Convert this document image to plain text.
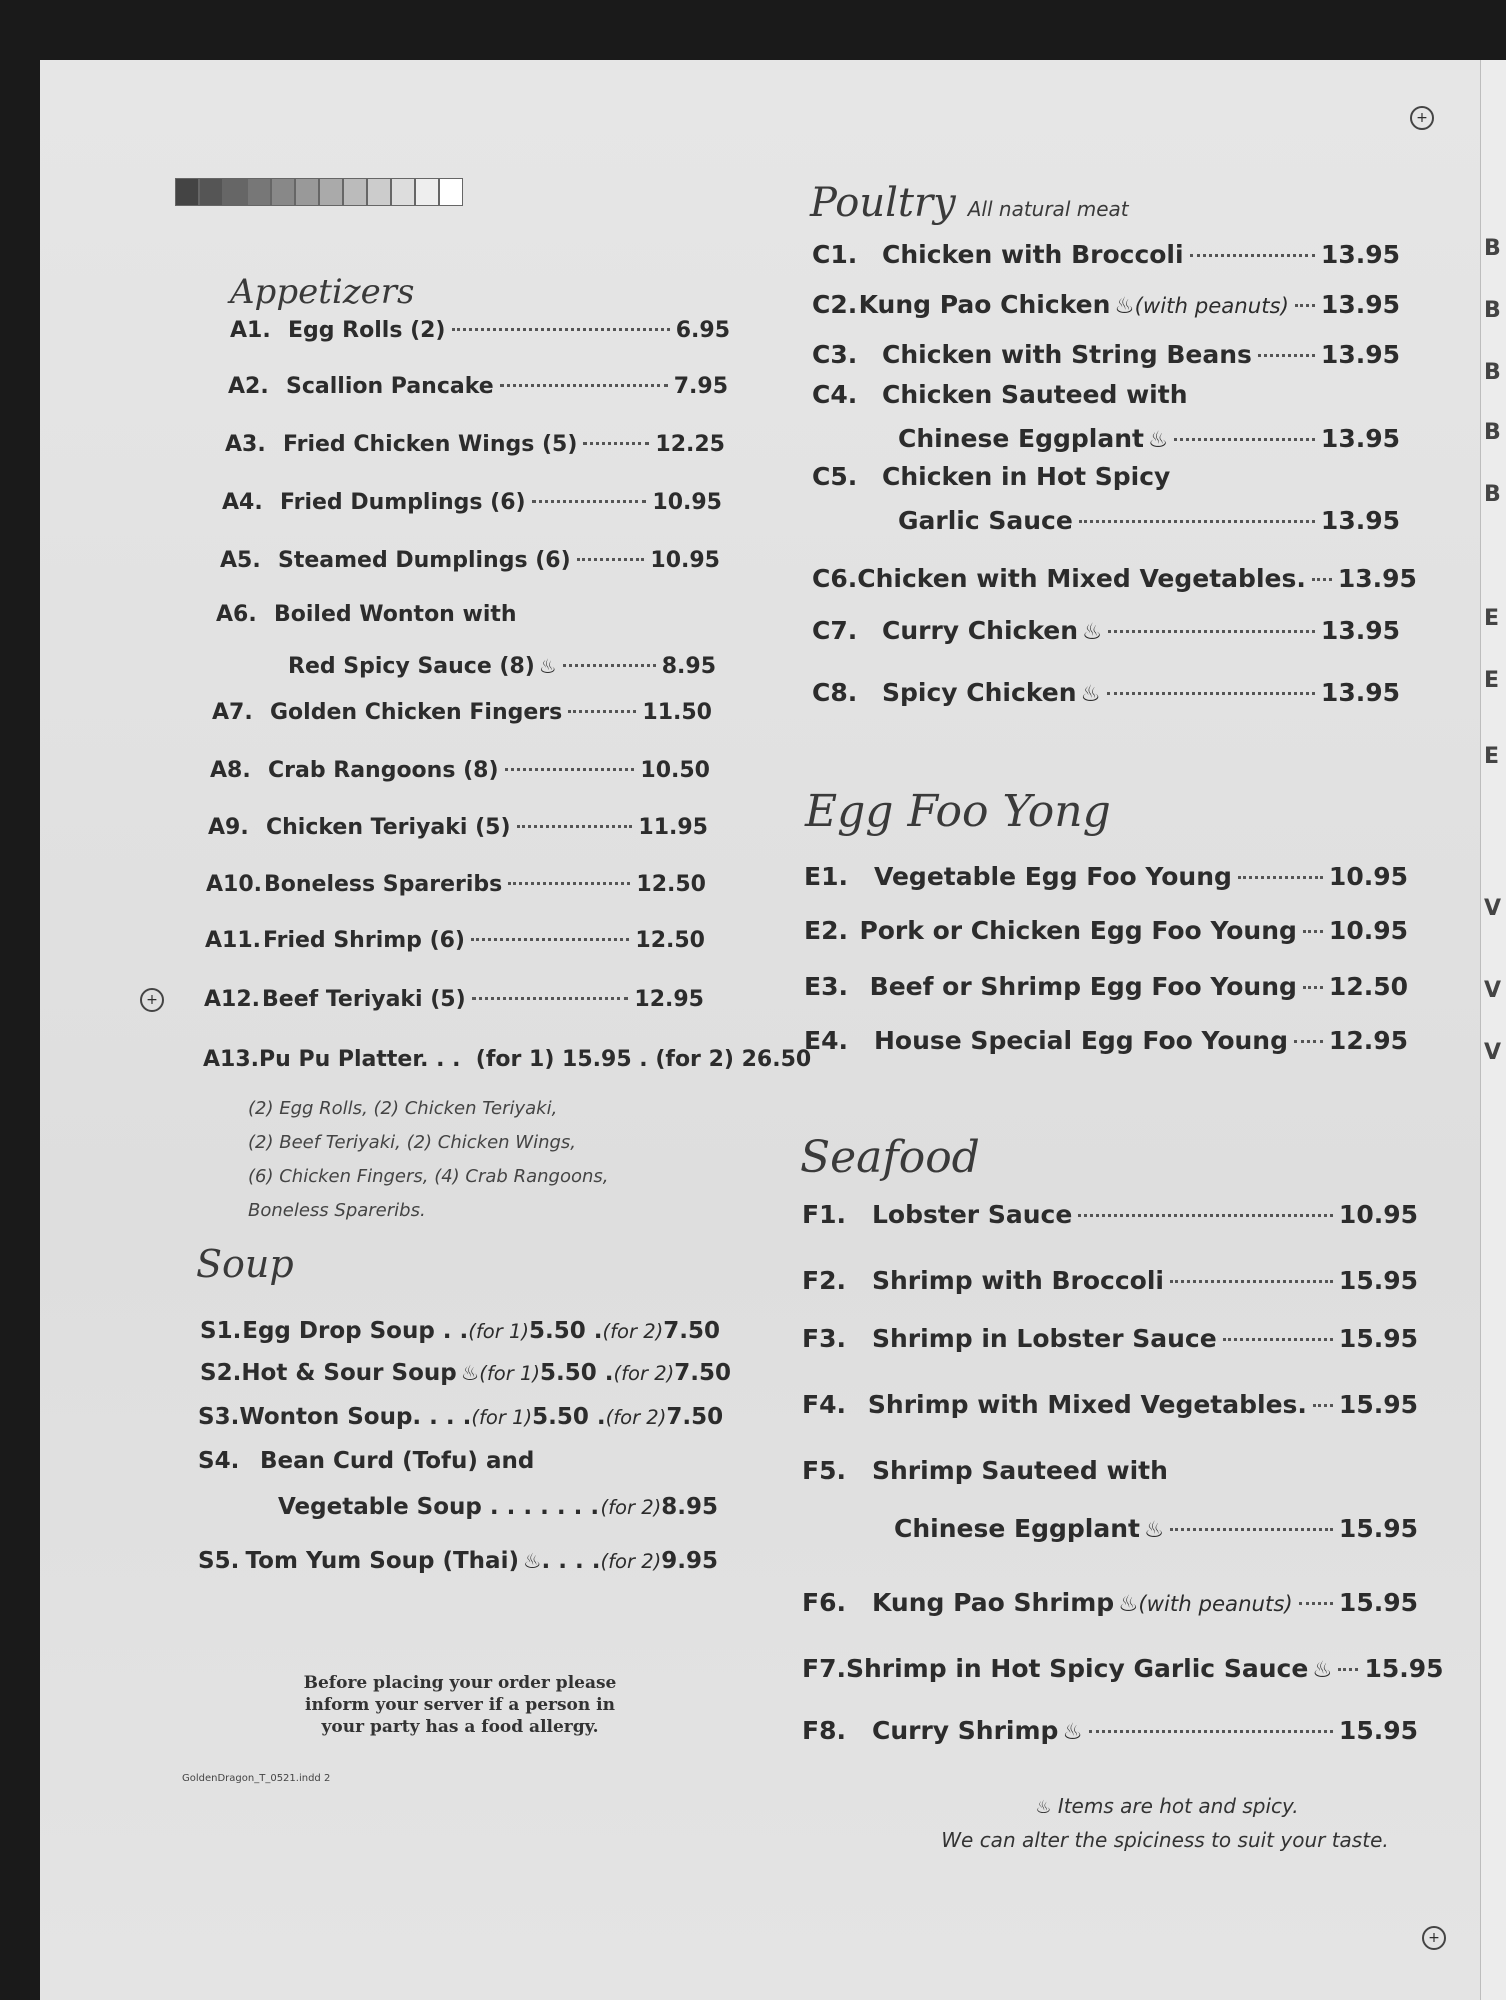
+
+
+
Appetizers
Soup
A1. Egg Rolls (2)	6.95
A2. Scallion Pancake	7.95
A3. Fried Chicken Wings (5)	12.25
A4. Fried Dumplings (6)	10.95
A5. Steamed Dumplings (6)	10.95
A6. Boiled Wonton with
Red Spicy Sauce (8) ♨	8.95
A7. Golden Chicken Fingers	11.50
A8. Crab Rangoons (8)	10.50
A9. Chicken Teriyaki (5)	11.95
A10. Boneless Spareribs	12.50
A11. Fried Shrimp (6)	12.50
A12. Beef Teriyaki (5)	12.95
A13. Pu Pu Platter. . . (for 1) 15.95 . (for 2) 26.50
S1. Egg Drop Soup . . (for 1) 5.50 . (for 2) 7.50
S2. Hot & Sour Soup ♨ (for 1) 5.50 . (for 2) 7.50
S3. Wonton Soup. . . . (for 1) 5.50 . (for 2) 7.50
S4. Bean Curd (Tofu) and
Vegetable Soup . . . . . . . (for 2) 8.95
S5. Tom Yum Soup (Thai) ♨ . . . . (for 2) 9.95
(2) Egg Rolls, (2) Chicken Teriyaki,
(2) Beef Teriyaki, (2) Chicken Wings,
(6) Chicken Fingers, (4) Crab Rangoons,
Boneless Spareribs.
Poultry All natural meat
Egg Foo Yong
Seafood
C1. Chicken with Broccoli	13.95
C2. Kung Pao Chicken ♨ (with peanuts) 13.95
C3. Chicken with String Beans	13.95
C4. Chicken Sauteed with
Chinese Eggplant ♨	13.95
C5. Chicken in Hot Spicy
Garlic Sauce	13.95
C6. Chicken with Mixed Vegetables. 13.95
C7. Curry Chicken ♨	13.95
C8. Spicy Chicken ♨	13.95
E1.	Vegetable Egg Foo Young	10.95
E2. Pork or Chicken Egg Foo Young 10.95
E3. Beef or Shrimp Egg Foo Young 12.50
E4.	House Special Egg Foo Young 12.95
F1.	Lobster Sauce	10.95
F2.	Shrimp with Broccoli	15.95
F3.	Shrimp in Lobster Sauce	15.95
F4. Shrimp with Mixed Vegetables. 15.95
F5.	Shrimp Sauteed with
Chinese Eggplant ♨	15.95
F6.	Kung Pao Shrimp ♨ (with peanuts) 15.95
F7. Shrimp in Hot Spicy Garlic Sauce ♨ 15.95
F8.	Curry Shrimp ♨	15.95
Before placing your order please inform your server if a person in your party has a food allergy.
GoldenDragon_T_0521.indd 2
♨ Items are hot and spicy.
We can alter the spiciness to suit your taste.
B
B
B
B
B
E
E
E
V
V
V
